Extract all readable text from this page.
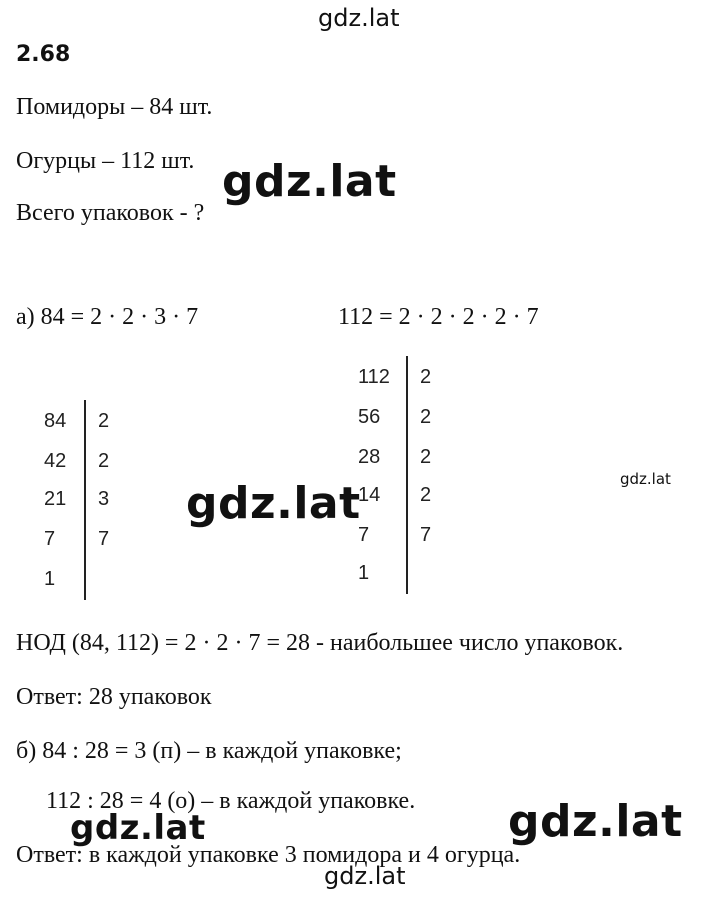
gdz.lat
gdz.lat
gdz.lat	gdz.lat
gdz.lat
gdz.lat
gdz.lat
2.68
Помидоры – 84 шт.
Огурцы – 112 шт.
Всего упаковок - ?
а) 84 = 2 · 2 · 3 · 7	112 = 2 · 2 · 2 · 2 · 7
84
42
21
7
1
2
2
3
7
112
56
28
14
7
1
2
2
2
2
7
НОД (84, 112) = 2 · 2 · 7 = 28 - наибольшее число упаковок.
Ответ: 28 упаковок
б) 84 : 28 = 3 (п) – в каждой упаковке;
112 : 28 = 4 (о) – в каждой упаковке.
Ответ: в каждой упаковке 3 помидора и 4 огурца.
